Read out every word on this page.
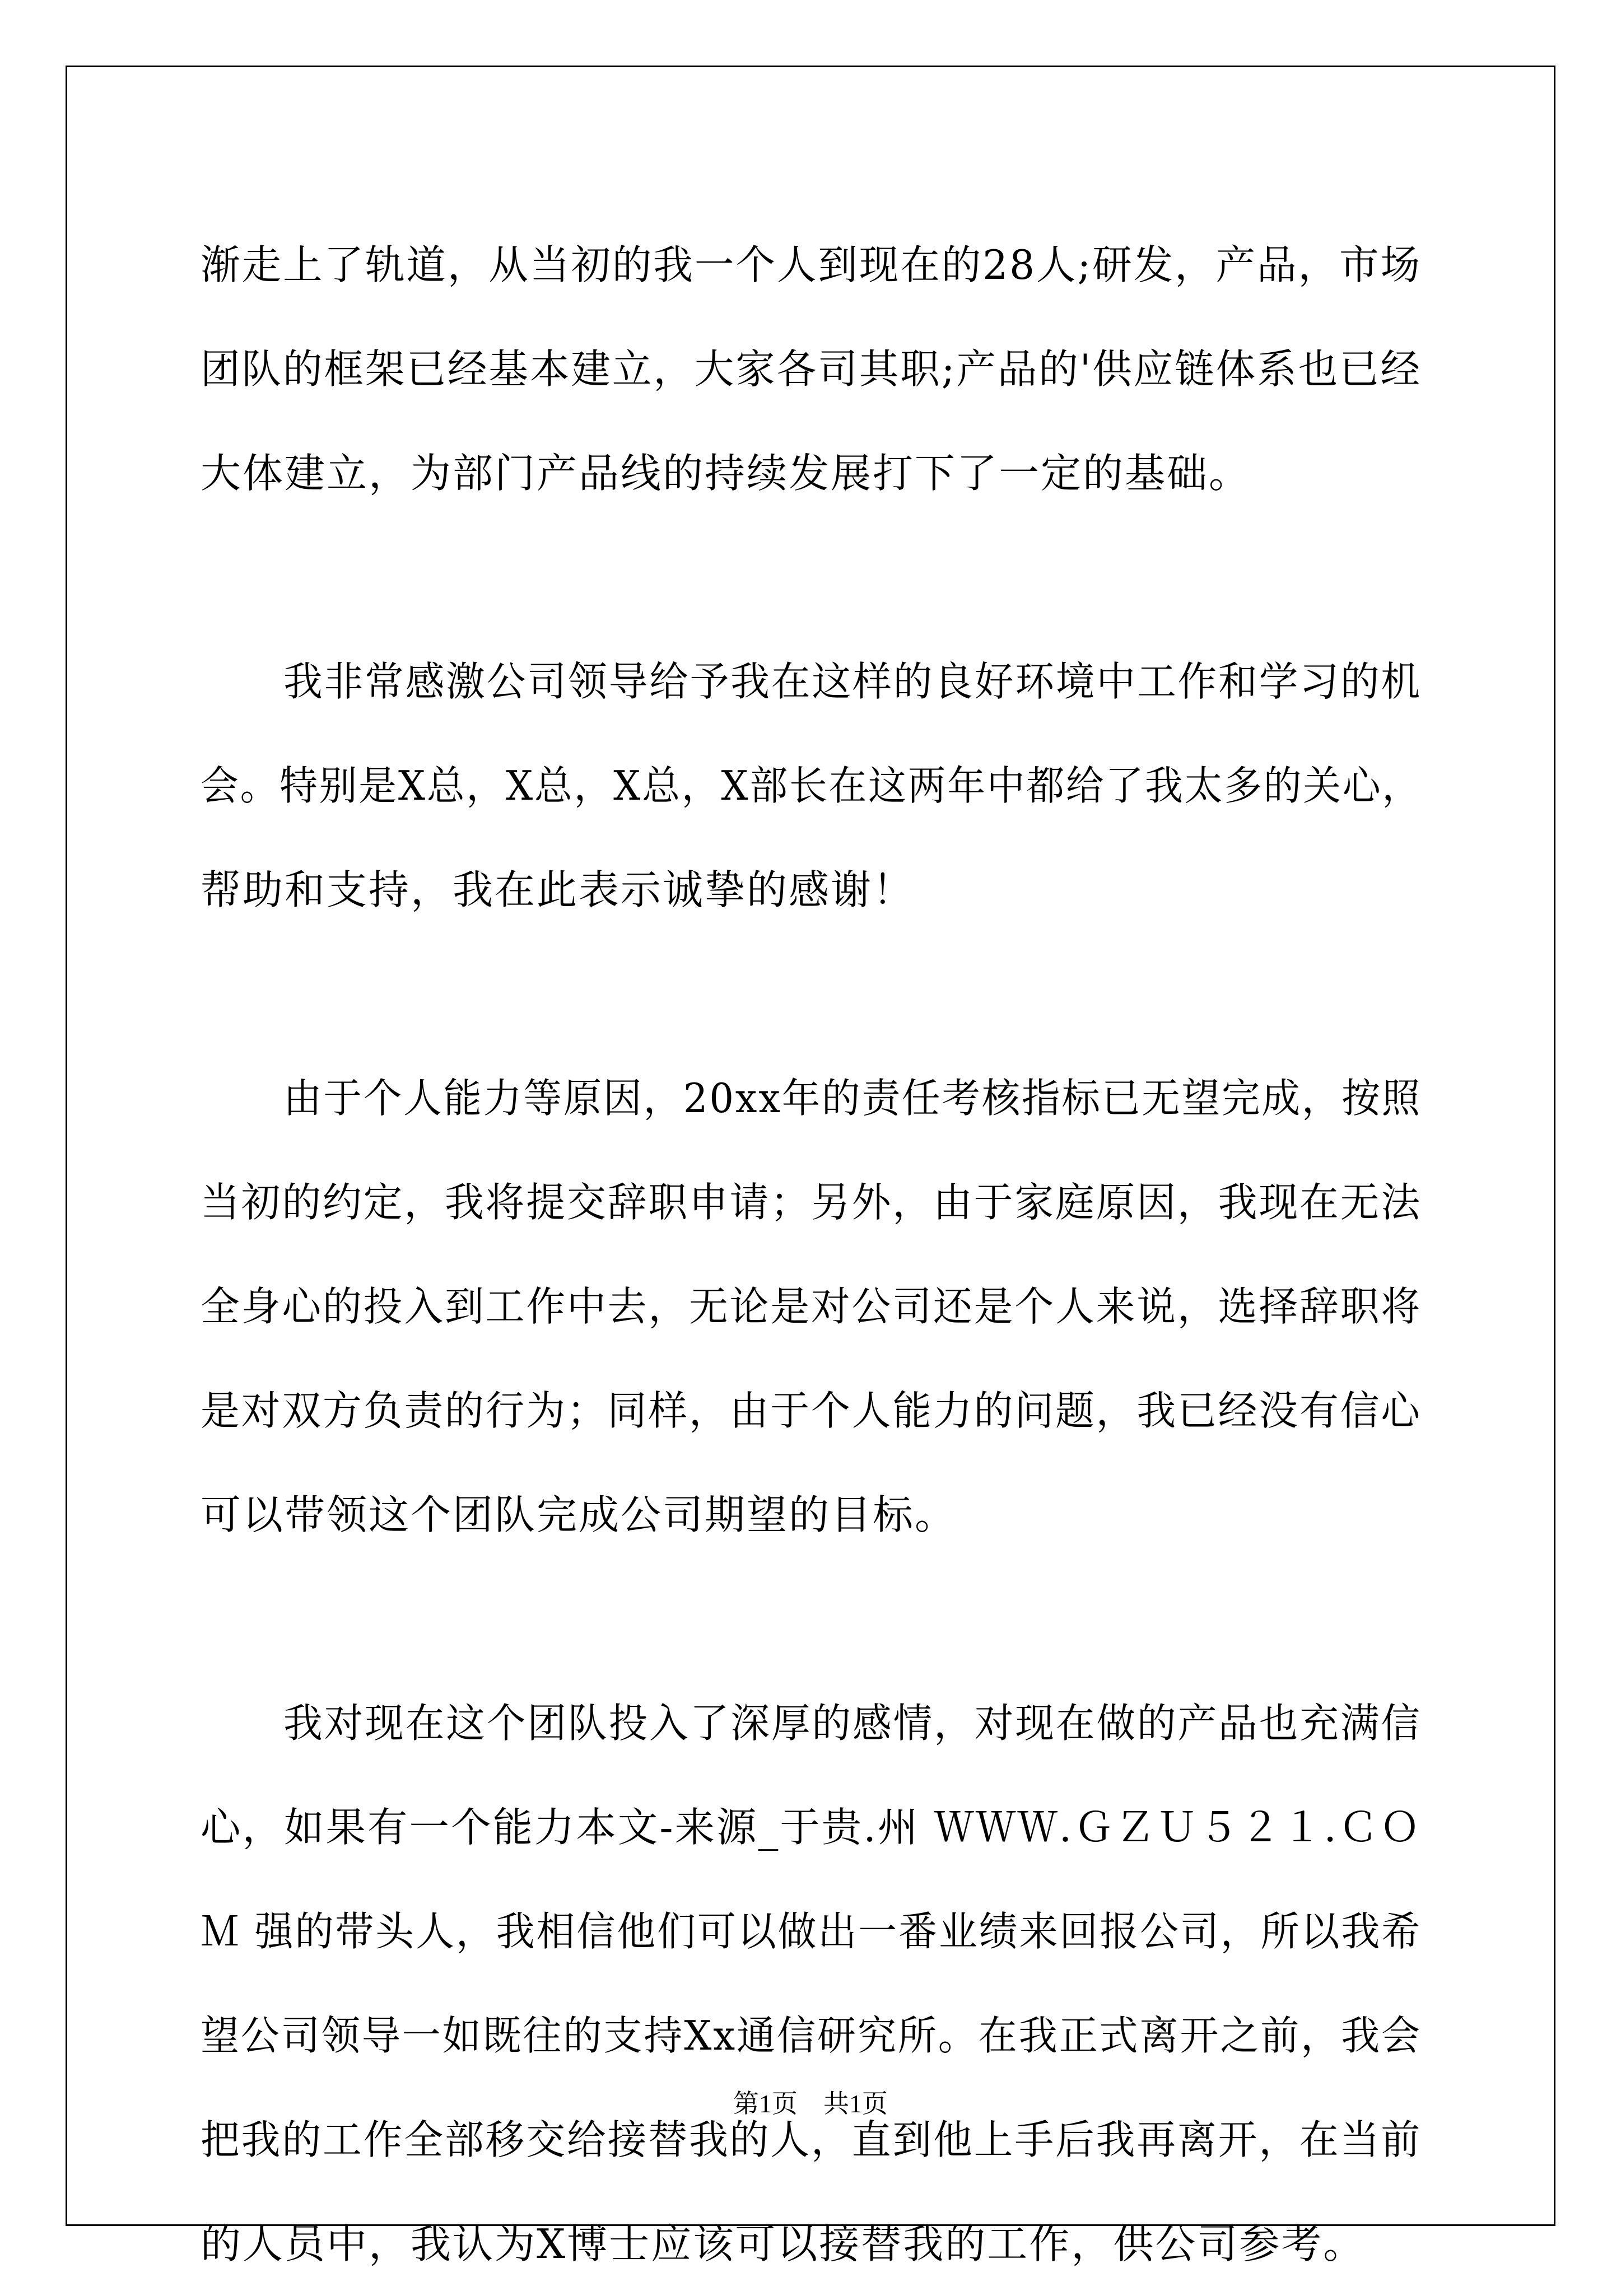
渐走上了轨道，从当初的我一个人到现在的28人;研发，产品，市场
团队的框架已经基本建立，大家各司其职;产品的'供应链体系也已经
大体建立，为部门产品线的持续发展打下了一定的基础。
我非常感激公司领导给予我在这样的良好环境中工作和学习的机
会。特别是X总，X总，X总，X部长在这两年中都给了我太多的关心，
帮助和支持，我在此表示诚挚的感谢！
由于个人能力等原因，20xx年的责任考核指标已无望完成，按照
当初的约定，我将提交辞职申请；另外，由于家庭原因，我现在无法
全身心的投入到工作中去，无论是对公司还是个人来说，选择辞职将
是对双方负责的行为；同样，由于个人能力的问题，我已经没有信心
可以带领这个团队完成公司期望的目标。
我对现在这个团队投入了深厚的感情，对现在做的产品也充满信
心，如果有一个能力本文-来源_于贵.州 ＷＷＷ.ＧＺＵ５２１.ＣＯ
Ｍ 强的带头人，我相信他们可以做出一番业绩来回报公司，所以我希
望公司领导一如既往的支持Xx通信研究所。在我正式离开之前，我会
把我的工作全部移交给接替我的人，直到他上手后我再离开，在当前
的人员中，我认为X博士应该可以接替我的工作，供公司参考。
第1页　共1页
